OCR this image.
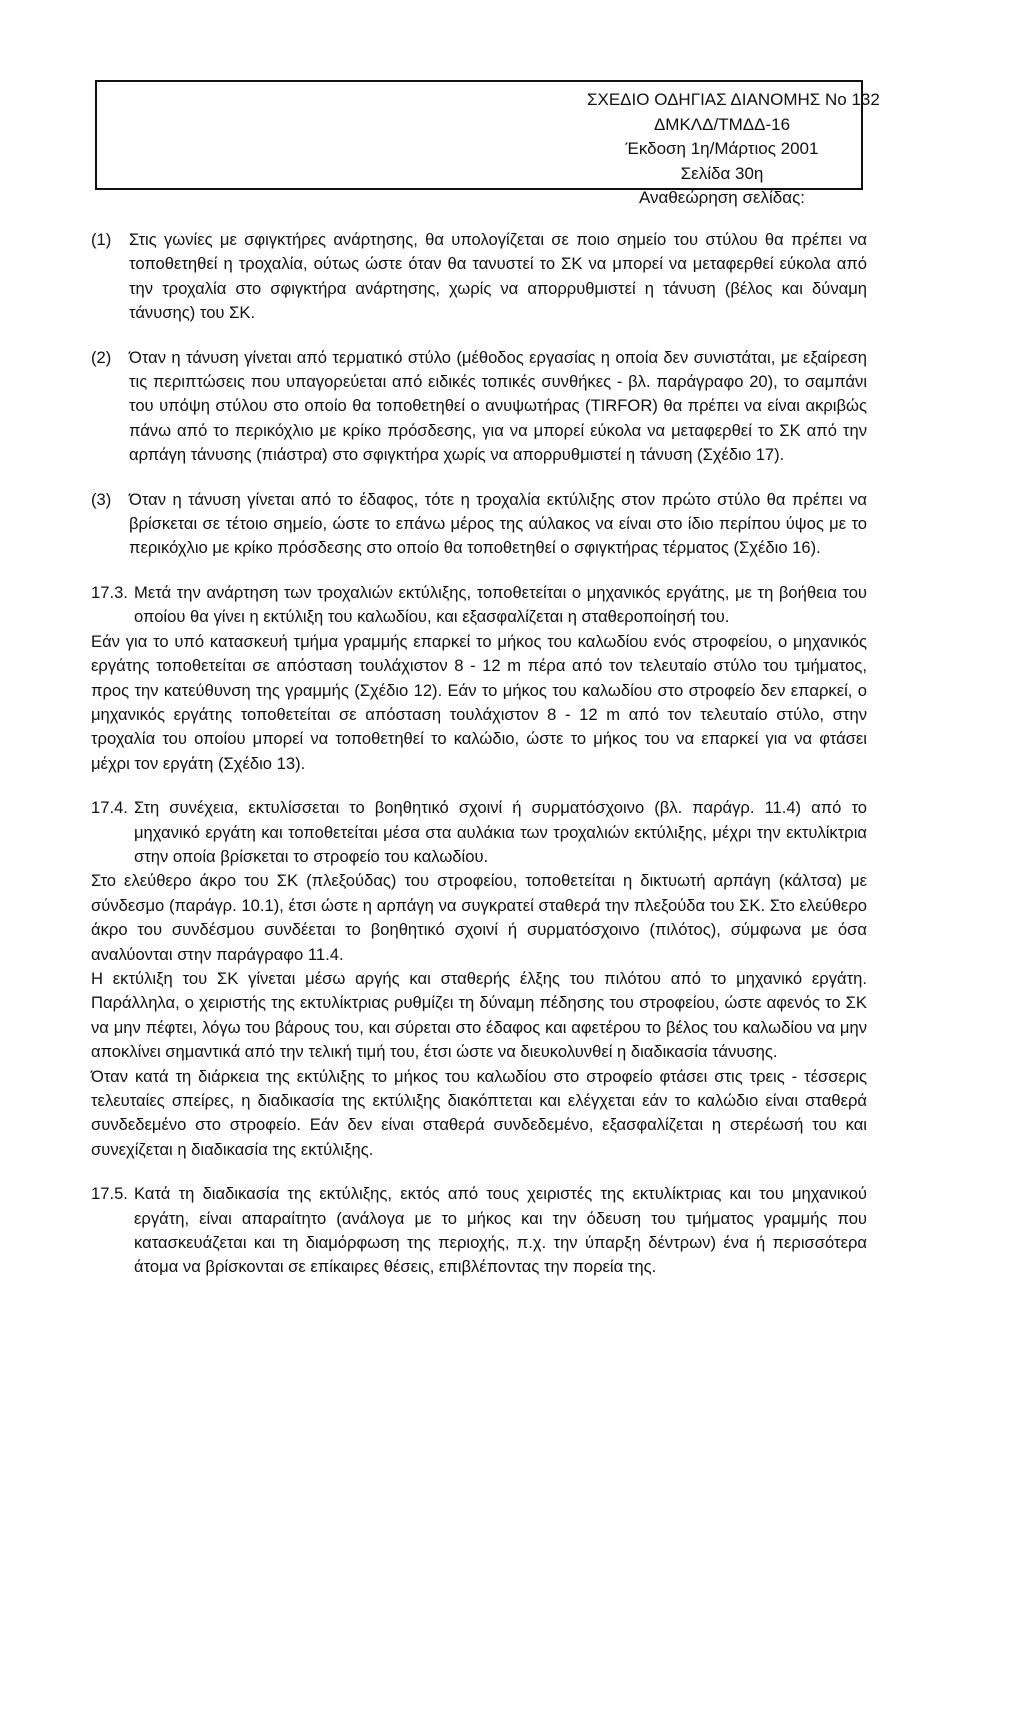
ΣΧΕΔΙΟ ΟΔΗΓΙΑΣ ΔΙΑΝΟΜΗΣ Νο 132
ΔΜΚΛΔ/ΤΜΔΔ-16
Έκδοση 1η/Μάρτιος 2001
Σελίδα 30η
Αναθεώρηση σελίδας:
(1)	Στις γωνίες με σφιγκτήρες ανάρτησης, θα υπολογίζεται σε ποιο σημείο του στύλου θα πρέπει να τοποθετηθεί η τροχαλία, ούτως ώστε όταν θα τανυστεί το ΣΚ να μπορεί να μεταφερθεί εύκολα από την τροχαλία στο σφιγκτήρα ανάρτησης, χωρίς να απορρυθμιστεί η τάνυση (βέλος και δύναμη τάνυσης) του ΣΚ.
(2)	Όταν η τάνυση γίνεται από τερματικό στύλο (μέθοδος εργασίας η οποία δεν συνιστάται, με εξαίρεση τις περιπτώσεις που υπαγορεύεται από ειδικές τοπικές συνθήκες - βλ. παράγραφο 20), το σαμπάνι του υπόψη στύλου στο οποίο θα τοποθετηθεί ο ανυψωτήρας (TIRFOR) θα πρέπει να είναι ακριβώς πάνω από το περικόχλιο με κρίκο πρόσδεσης, για να μπορεί εύκολα να μεταφερθεί το ΣΚ από την αρπάγη τάνυσης (πιάστρα) στο σφιγκτήρα χωρίς να απορρυθμιστεί η τάνυση (Σχέδιο 17).
(3)	Όταν η τάνυση γίνεται από το έδαφος, τότε η τροχαλία εκτύλιξης στον πρώτο στύλο θα πρέπει να βρίσκεται σε τέτοιο σημείο, ώστε το επάνω μέρος της αύλακος να είναι στο ίδιο περίπου ύψος με το περικόχλιο με κρίκο πρόσδεσης στο οποίο θα τοποθετηθεί ο σφιγκτήρας τέρματος (Σχέδιο 16).
17.3. Μετά την ανάρτηση των τροχαλιών εκτύλιξης, τοποθετείται ο μηχανικός εργάτης, με τη βοήθεια του οποίου θα γίνει η εκτύλιξη του καλωδίου, και εξασφαλίζεται η σταθεροποίησή του.

Εάν για το υπό κατασκευή τμήμα γραμμής επαρκεί το μήκος του καλωδίου ενός στροφείου, ο μηχανικός εργάτης τοποθετείται σε απόσταση τουλάχιστον 8 - 12 m πέρα από τον τελευταίο στύλο του τμήματος, προς την κατεύθυνση της γραμμής (Σχέδιο 12). Εάν το μήκος του καλωδίου στο στροφείο δεν επαρκεί, ο μηχανικός εργάτης τοποθετείται σε απόσταση τουλάχιστον 8 - 12 m από τον τελευταίο στύλο, στην τροχαλία του οποίου μπορεί να τοποθετηθεί το καλώδιο, ώστε το μήκος του να επαρκεί για να φτάσει μέχρι τον εργάτη (Σχέδιο 13).

17.4. Στη συνέχεια, εκτυλίσσεται το βοηθητικό σχοινί ή συρματόσχοινο (βλ. παράγρ. 11.4) από το μηχανικό εργάτη και τοποθετείται μέσα στα αυλάκια των τροχαλιών εκτύλιξης, μέχρι την εκτυλίκτρια στην οποία βρίσκεται το στροφείο του καλωδίου.

Στο ελεύθερο άκρο του ΣΚ (πλεξούδας) του στροφείου, τοποθετείται η δικτυωτή αρπάγη (κάλτσα) με σύνδεσμο (παράγρ. 10.1), έτσι ώστε η αρπάγη να συγκρατεί σταθερά την πλεξούδα του ΣΚ. Στο ελεύθερο άκρο του συνδέσμου συνδέεται το βοηθητικό σχοινί ή συρματόσχοινο (πιλότος), σύμφωνα με όσα αναλύονται στην παράγραφο 11.4.

Η εκτύλιξη του ΣΚ γίνεται μέσω αργής και σταθερής έλξης του πιλότου από το μηχανικό εργάτη. Παράλληλα, ο χειριστής της εκτυλίκτριας ρυθμίζει τη δύναμη πέδησης του στροφείου, ώστε αφενός το ΣΚ να μην πέφτει, λόγω του βάρους του, και σύρεται στο έδαφος και αφετέρου το βέλος του καλωδίου να μην αποκλίνει σημαντικά από την τελική τιμή του, έτσι ώστε να διευκολυνθεί η διαδικασία τάνυσης.

Όταν κατά τη διάρκεια της εκτύλιξης το μήκος του καλωδίου στο στροφείο φτάσει στις τρεις - τέσσερις τελευταίες σπείρες, η διαδικασία της εκτύλιξης διακόπτεται και ελέγχεται εάν το καλώδιο είναι σταθερά συνδεδεμένο στο στροφείο. Εάν δεν είναι σταθερά συνδεδεμένο, εξασφαλίζεται η στερέωσή του και συνεχίζεται η διαδικασία της εκτύλιξης.

17.5. Κατά τη διαδικασία της εκτύλιξης, εκτός από τους χειριστές της εκτυλίκτριας και του μηχανικού εργάτη, είναι απαραίτητο (ανάλογα με το μήκος και την όδευση του τμήματος γραμμής που κατασκευάζεται και τη διαμόρφωση της περιοχής, π.χ. την ύπαρξη δέντρων) ένα ή περισσότερα άτομα να βρίσκονται σε επίκαιρες θέσεις, επιβλέποντας την πορεία της.
